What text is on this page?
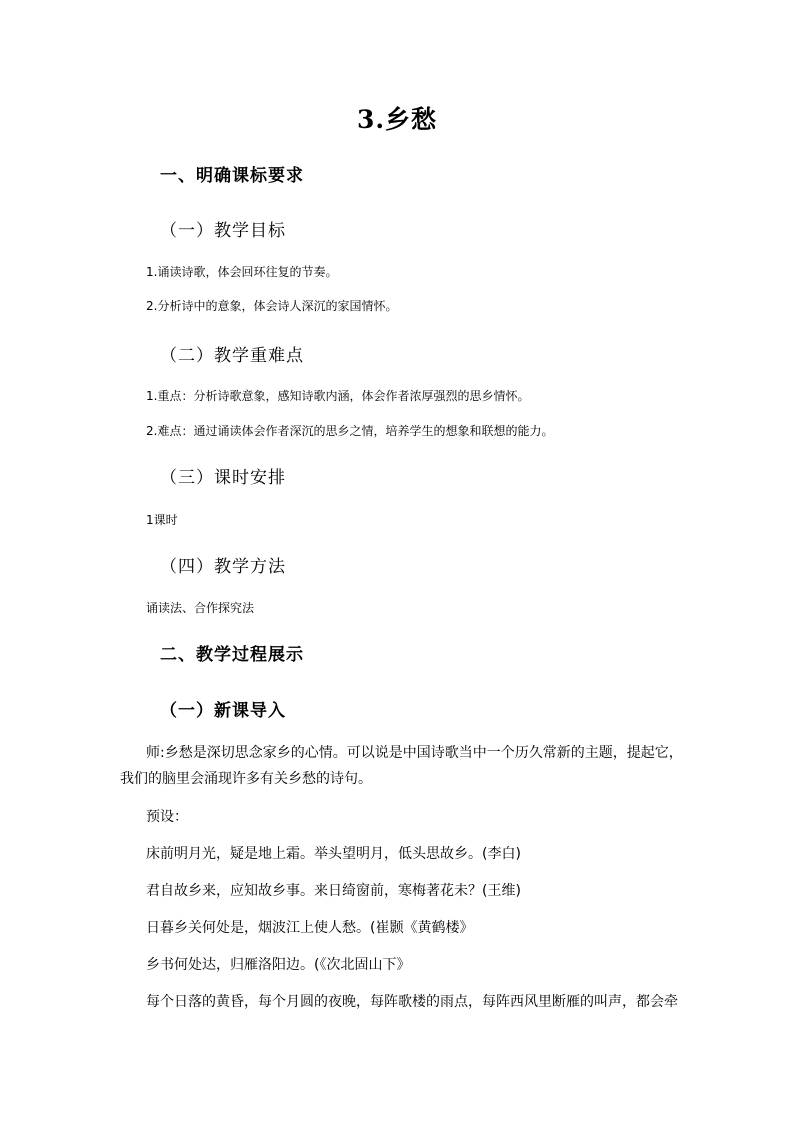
3.乡愁
一、明确课标要求
（一）教学目标
1.诵读诗歌，体会回环往复的节奏。
2.分析诗中的意象，体会诗人深沉的家国情怀。
（二）教学重难点
1.重点：分析诗歌意象，感知诗歌内涵，体会作者浓厚强烈的思乡情怀。
2.难点：通过诵读体会作者深沉的思乡之情，培养学生的想象和联想的能力。
（三）课时安排
1课时
（四）教学方法
诵读法、合作探究法
二、教学过程展示
（一）新课导入
师:乡愁是深切思念家乡的心情。可以说是中国诗歌当中一个历久常新的主题，提起它，
我们的脑里会涌现许多有关乡愁的诗句。
预设：
床前明月光，疑是地上霜。举头望明月，低头思故乡。(李白)
君自故乡来，应知故乡事。来日绮窗前，寒梅著花未？(王维)
日暮乡关何处是，烟波江上使人愁。(崔颢《黄鹤楼》
乡书何处达，归雁洛阳边。(《次北固山下》
每个日落的黄昏，每个月圆的夜晚，每阵歌楼的雨点，每阵西风里断雁的叫声，都会牵
